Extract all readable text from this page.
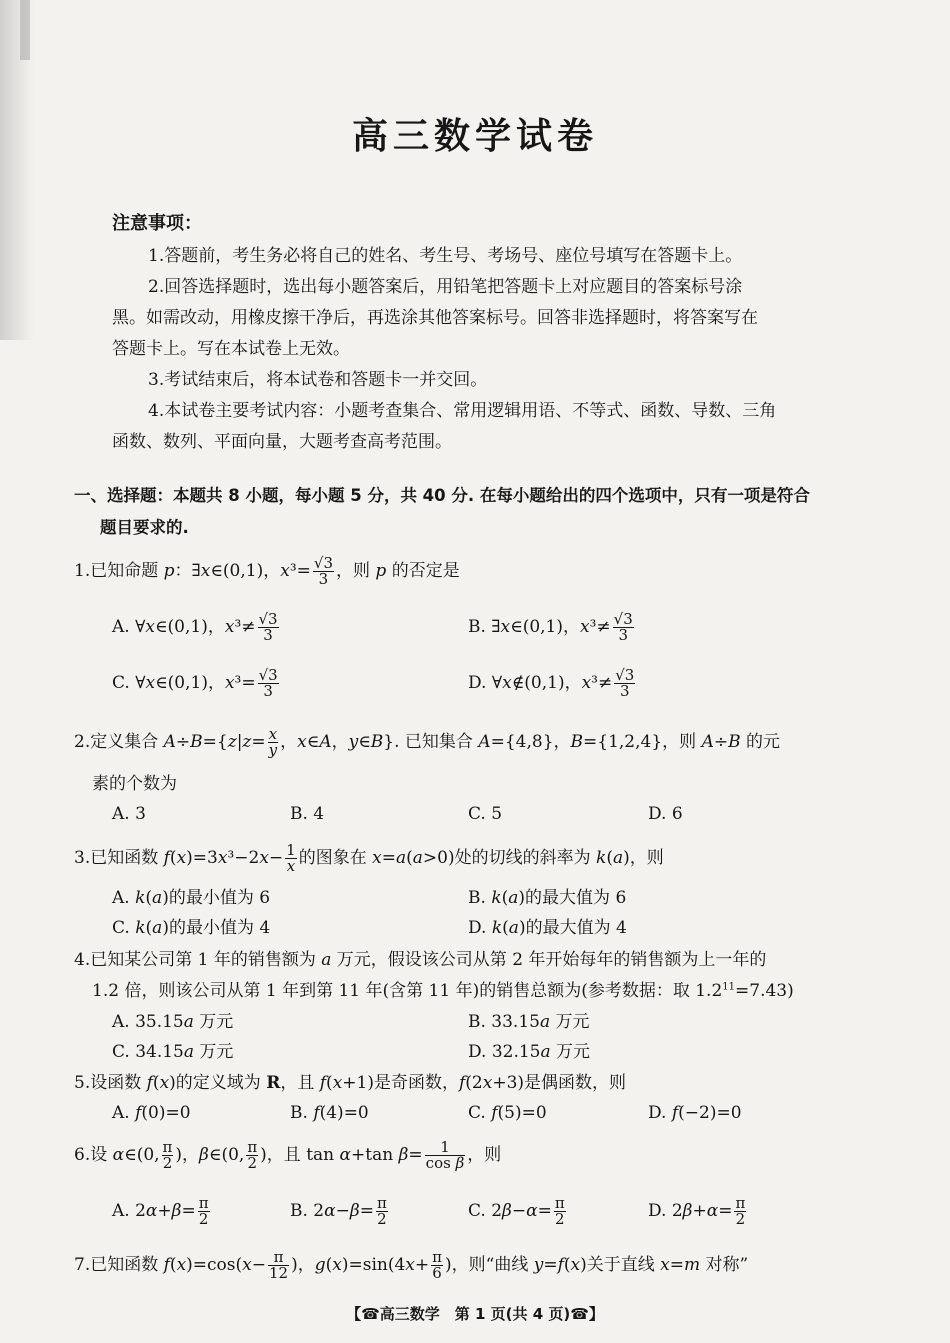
高三数学试卷
注意事项：
1.答题前，考生务必将自己的姓名、考生号、考场号、座位号填写在答题卡上。
2.回答选择题时，选出每小题答案后，用铅笔把答题卡上对应题目的答案标号涂
黑。如需改动，用橡皮擦干净后，再选涂其他答案标号。回答非选择题时，将答案写在
答题卡上。写在本试卷上无效。
3.考试结束后，将本试卷和答题卡一并交回。
4.本试卷主要考试内容：小题考查集合、常用逻辑用语、不等式、函数、导数、三角
函数、数列、平面向量，大题考查高考范围。
一、选择题：本题共 8 小题，每小题 5 分，共 40 分. 在每小题给出的四个选项中，只有一项是符合
题目要求的.
1.已知命题 p：∃x∈(0,1)，$x^3= \frac{√3}{3}$ ，则 p 的否定是
A. ∀x∈(0,1)，$x^3\ne \frac{√3}{3}$	B. ∃x∈(0,1)，$x^3\ne \frac{√3}{3}$
C. ∀x∈(0,1)，$x^3= \frac{√3}{3}$	D. ∀x∉(0,1)，$x^3\ne \frac{√3}{3}$
2.定义集合 $A\div B=\{z|z= \frac{x}{y}$ ，x∈A，y∈B}. 已知集合 A={4,8}，B={1,2,4}，则 A÷B 的元
素的个数为
A. 3	B. 4	C. 5	D. 6
3.已知函数 $f(x)=3x^3-2x- \frac{1}{x}$ 的图象在 x=a(a>0)处的切线的斜率为 k(a)，则
A. k(a)的最小值为 6	B. k(a)的最大值为 6
C. k(a)的最小值为 4	D. k(a)的最大值为 4
4.已知某公司第 1 年的销售额为 a 万元，假设该公司从第 2 年开始每年的销售额为上一年的
1.2 倍，则该公司从第 1 年到第 11 年(含第 11 年)的销售总额为(参考数据：取 $1.2^{11}=7.43$)
A. 35.15a 万元	B. 33.15a 万元
C. 34.15a 万元	D. 32.15a 万元
5.设函数 f(x)的定义域为 R，且 f(x+1)是奇函数，f(2x+3)是偶函数，则
A. f(0)=0	B. f(4)=0	C. f(5)=0	D. f(−2)=0
6.设 α∈(0, $\frac{\pi}{2}$ )，β∈(0, $\frac{\pi}{2}$ )，且 tan α+tan $\beta= \frac{1}{\text{cos β}}$ ，则
A. $2\alpha+\beta= \frac{\pi}{2}$	B. $2\alpha-\beta= \frac{\pi}{2}$	C. $2\beta-\alpha= \frac{\pi}{2}$	D. $2\beta+\alpha= \frac{\pi}{2}$
7.已知函数 $f(x)=\cos(x- \frac{\pi}{12}$ )，$g(x)=\sin(4x+ \frac{\pi}{6}$ )，则“曲线 y=f(x)关于直线 x=m 对称”
【☎高三数学　第 1 页(共 4 页)☎】
